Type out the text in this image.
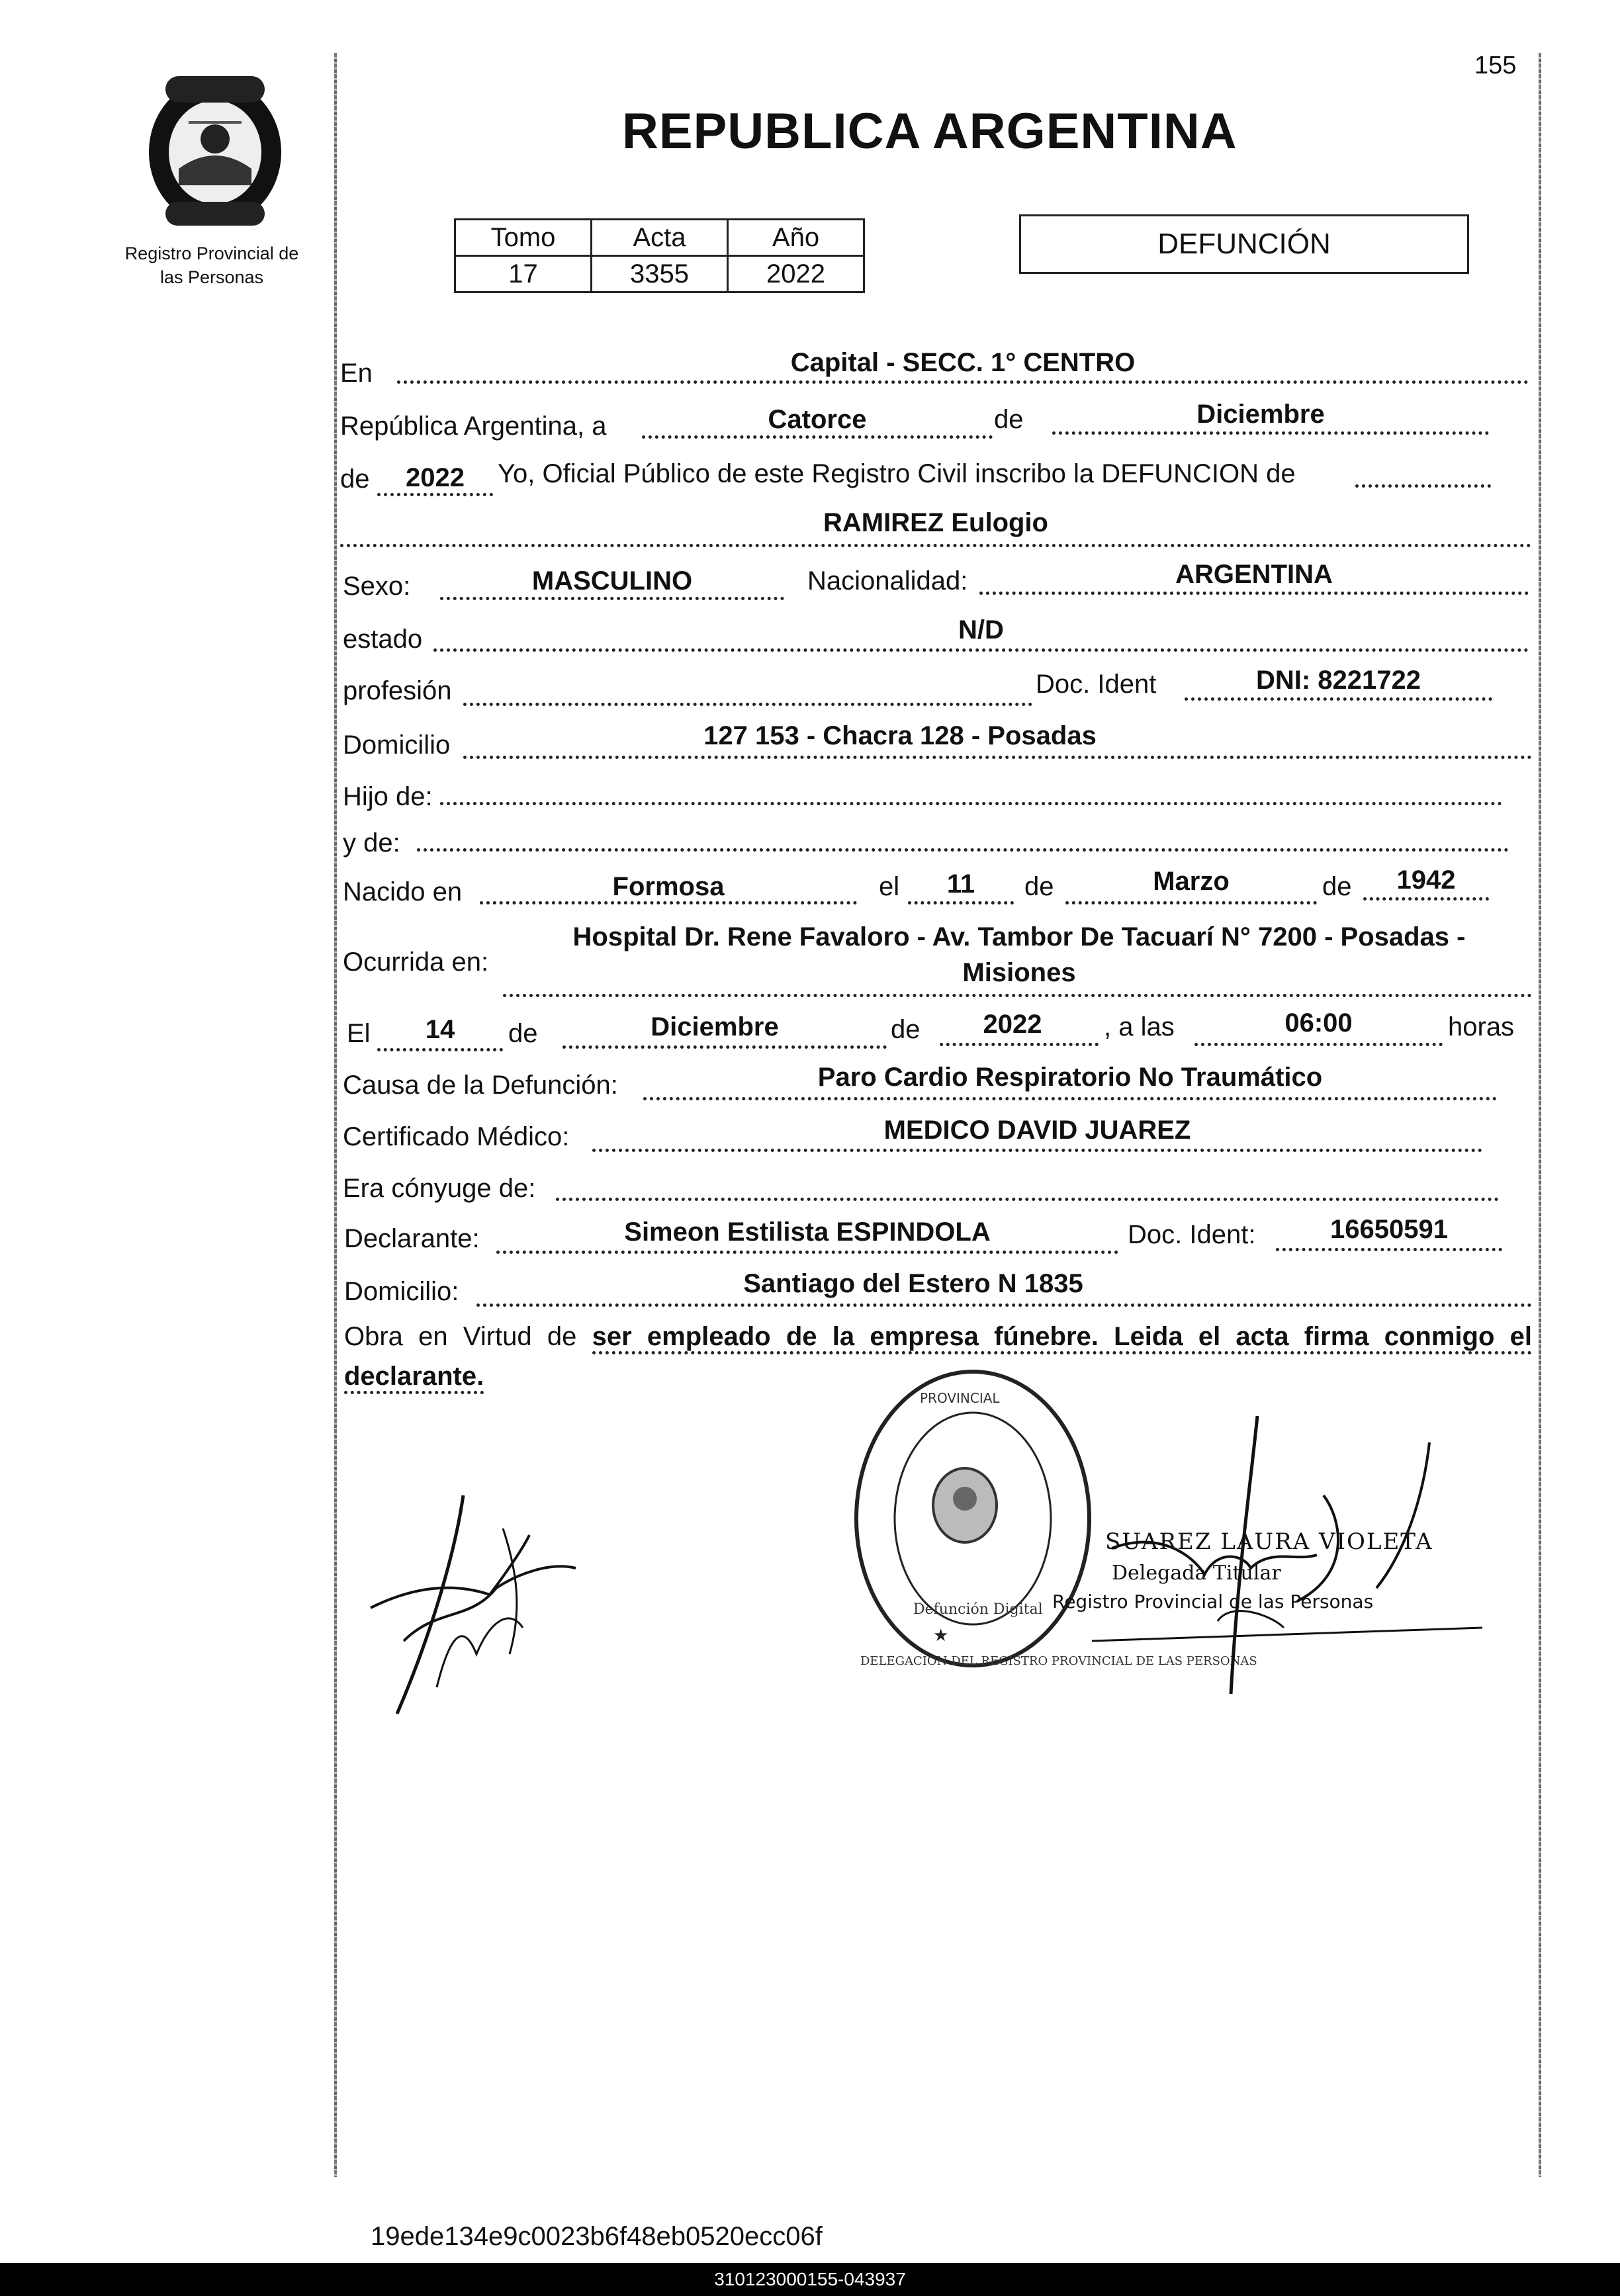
155
Registro Provincial de
las Personas
REPUBLICA ARGENTINA
Tomo	Acta	Año
17	3355	2022
DEFUNCIÓN
En	Capital - SECC. 1° CENTRO
República Argentina, a	Catorce	de	Diciembre
de	2022	Yo, Oficial Público de este Registro Civil inscribo la DEFUNCION de
RAMIREZ Eulogio
Sexo:	MASCULINO	Nacionalidad:	ARGENTINA
estado	N/D
profesión	Doc. Ident	DNI: 8221722
Domicilio	127 153 - Chacra 128 - Posadas
Hijo de:
y de:
Nacido en	Formosa	el	11	de	Marzo	de	1942
Ocurrida en:
Hospital Dr. Rene Favaloro - Av. Tambor De Tacuarí N° 7200 - Posadas -
Misiones
El	14	de	Diciembre	de	2022	, a las	06:00	horas
Causa de la Defunción:	Paro Cardio Respiratorio No Traumático
Certificado Médico:	MEDICO DAVID JUAREZ
Era cónyuge de:
Declarante:	Simeon Estilista ESPINDOLA	Doc. Ident:	16650591
Domicilio:	Santiago del Estero N 1835
Obra en Virtud de ser empleado de la empresa fúnebre. Leida el acta firma conmigo el declarante.
★
PROVINCIAL
DELEGACION DEL REGISTRO PROVINCIAL DE LAS PERSONAS
Defunción Digital
SUAREZ LAURA VIOLETA
Delegada Titular
Registro Provincial de las Personas
19ede134e9c0023b6f48eb0520ecc06f
310123000155-043937
